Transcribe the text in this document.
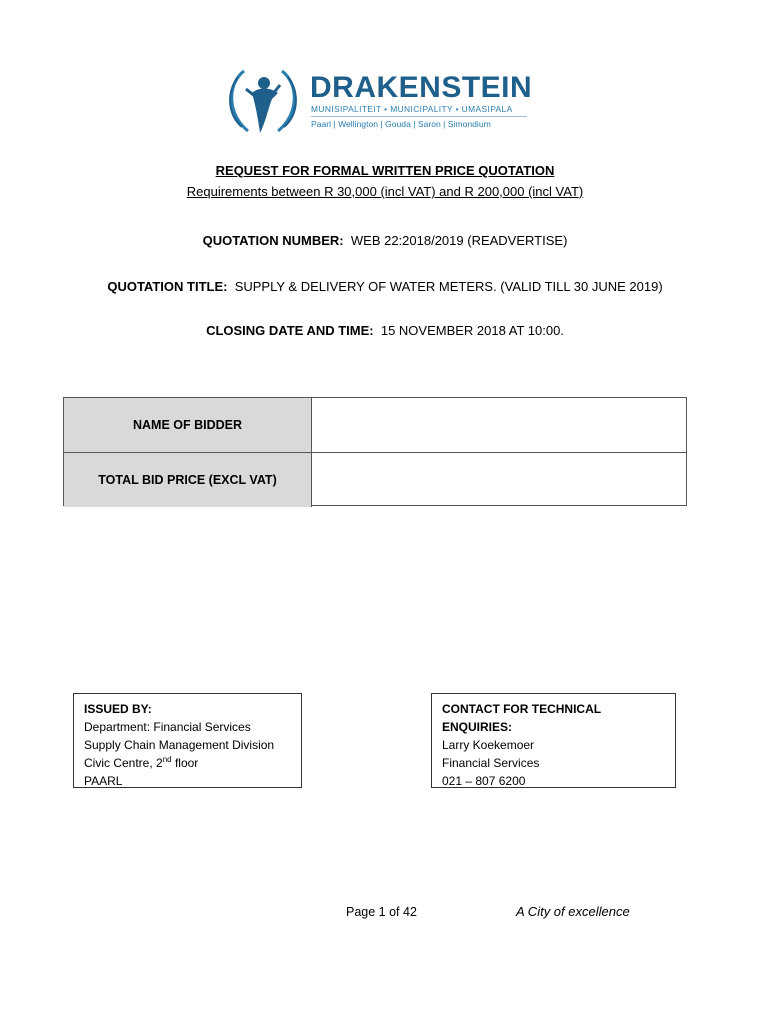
DRAKENSTEIN
MUNISIPALITEIT • MUNICIPALITY • UMASIPALA
Paarl | Wellington | Gouda | Saron | Simondium
REQUEST FOR FORMAL WRITTEN PRICE QUOTATION
Requirements between R 30,000 (incl VAT) and R 200,000 (incl VAT)
QUOTATION NUMBER: WEB 22:2018/2019 (READVERTISE)
QUOTATION TITLE: SUPPLY & DELIVERY OF WATER METERS. (VALID TILL 30 JUNE 2019)
CLOSING DATE AND TIME: 15 NOVEMBER 2018 AT 10:00.
NAME OF BIDDER
TOTAL BID PRICE (EXCL VAT)
ISSUED BY:
Department: Financial Services
Supply Chain Management Division
Civic Centre, 2nd floor
PAARL
CONTACT FOR TECHNICAL ENQUIRIES:
Larry Koekemoer
Financial Services
021 – 807 6200
Page 1 of 42	A City of excellence
